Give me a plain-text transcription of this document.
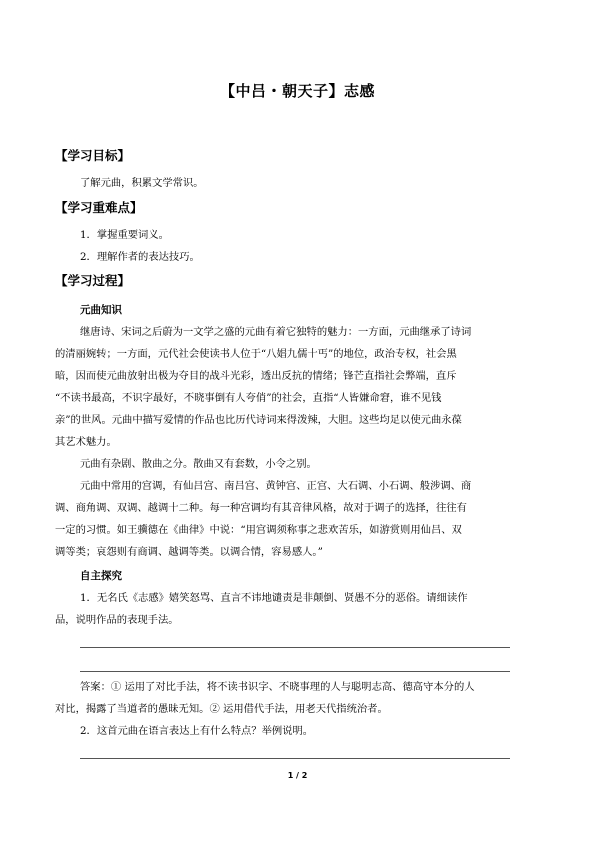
【中吕・朝天子】志感
【学习目标】
了解元曲，积累文学常识。
【学习重难点】
1．掌握重要词义。
2．理解作者的表达技巧。
【学习过程】
元曲知识
继唐诗、宋词之后蔚为一文学之盛的元曲有着它独特的魅力：一方面，元曲继承了诗词
的清丽婉转；一方面，元代社会使读书人位于“八娼九儒十丐”的地位，政治专权，社会黑
暗，因而使元曲放射出极为夺目的战斗光彩，透出反抗的情绪；锋芒直指社会弊端，直斥
“不读书最高，不识字最好，不晓事倒有人夸俏”的社会，直指“人皆嫌命窘，谁不见钱
亲”的世风。元曲中描写爱情的作品也比历代诗词来得泼辣，大胆。这些均足以使元曲永葆
其艺术魅力。
元曲有杂剧、散曲之分。散曲又有套数，小令之别。
元曲中常用的宫调，有仙吕宫、南吕宫、黄钟宫、正宫、大石调、小石调、般涉调、商
调、商角调、双调、越调十二种。每一种宫调均有其音律风格，故对于调子的选择，往往有
一定的习惯。如王骥德在《曲律》中说：“用宫调须称事之悲欢苦乐，如游赏则用仙吕、双
调等类；哀怨则有商调、越调等类。以调合情，容易感人。”
自主探究
1．无名氏《志感》嬉笑怒骂、直言不讳地谴责是非颠倒、贤愚不分的恶俗。请细读作
品，说明作品的表现手法。
答案：① 运用了对比手法，将不读书识字、不晓事理的人与聪明志高、德高守本分的人
对比，揭露了当道者的愚昧无知。② 运用借代手法，用老天代指统治者。
2．这首元曲在语言表达上有什么特点？举例说明。
1 / 2
